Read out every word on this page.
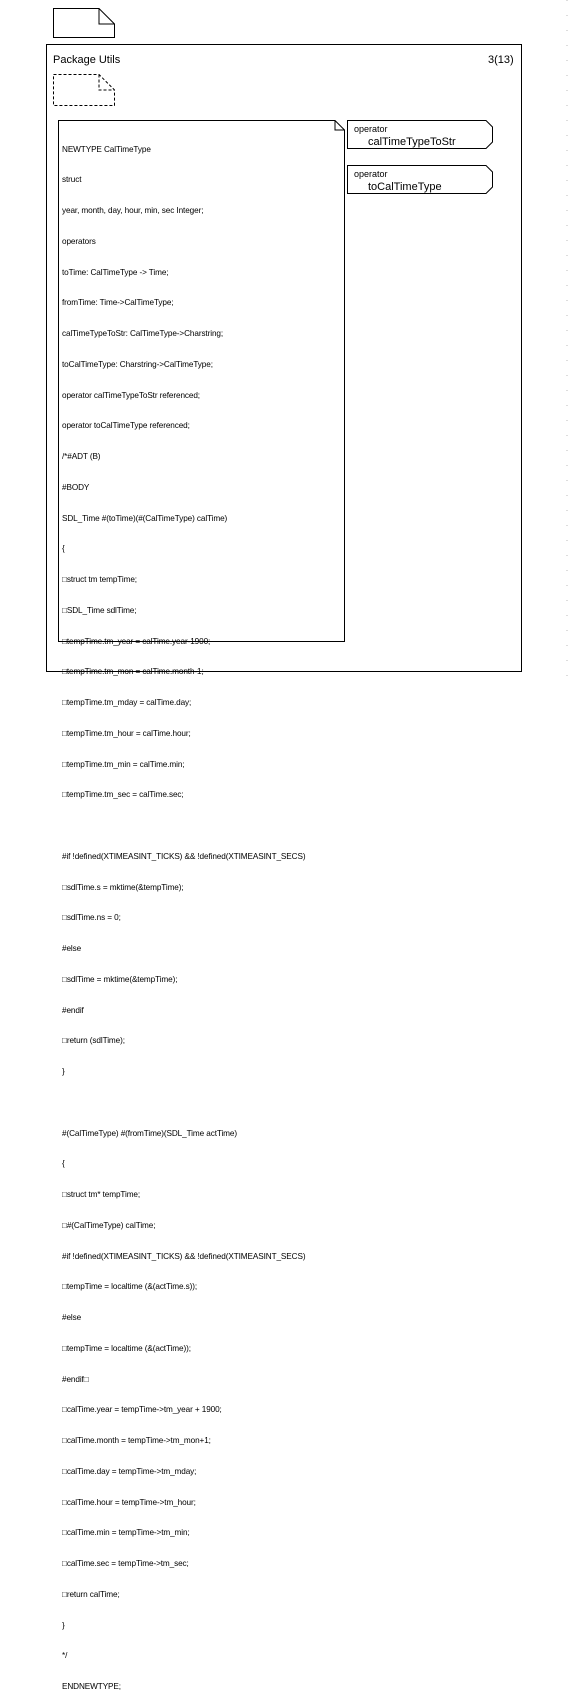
Package Utils	3(13)

NEWTYPE CalTimeType

struct

year, month, day, hour, min, sec Integer;

operators

toTime: CalTimeType -> Time;

fromTime: Time->CalTimeType;

calTimeTypeToStr: CalTimeType->Charstring;

toCalTimeType: Charstring->CalTimeType;

operator calTimeTypeToStr referenced;

operator toCalTimeType referenced;

/*#ADT (B)

#BODY

SDL_Time #(toTime)(#(CalTimeType) calTime)

{

□struct tm tempTime;

□SDL_Time sdlTime;

□tempTime.tm_year = calTime.year-1900;

□tempTime.tm_mon = calTime.month-1;

□tempTime.tm_mday = calTime.day;

□tempTime.tm_hour = calTime.hour;

□tempTime.tm_min = calTime.min;

□tempTime.tm_sec = calTime.sec;

#if !defined(XTIMEASINT_TICKS) && !defined(XTIMEASINT_SECS)

□sdlTime.s = mktime(&tempTime);

□sdlTime.ns = 0;

#else

□sdlTime = mktime(&tempTime);

#endif

□return (sdlTime);

}

#(CalTimeType) #(fromTime)(SDL_Time actTime)

{

□struct tm* tempTime;

□#(CalTimeType) calTime;

#if !defined(XTIMEASINT_TICKS) && !defined(XTIMEASINT_SECS)

□tempTime = localtime (&(actTime.s));

#else

□tempTime = localtime (&(actTime));

#endif□

□calTime.year = tempTime->tm_year + 1900;

□calTime.month = tempTime->tm_mon+1;

□calTime.day = tempTime->tm_mday;

□calTime.hour = tempTime->tm_hour;

□calTime.min = tempTime->tm_min;

□calTime.sec = tempTime->tm_sec;

□return calTime;

}

*/

ENDNEWTYPE;

operator
calTimeTypeToStr
operator
toCalTimeType
